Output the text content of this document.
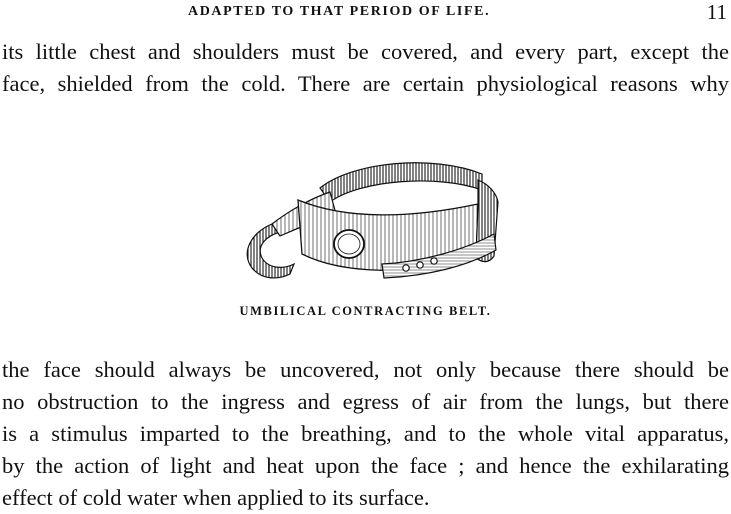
ADAPTED TO THAT PERIOD OF LIFE.	11
its little chest and shoulders must be covered, and every part, except the
face, shielded from the cold. There are certain physiological reasons why
UMBILICAL CONTRACTING BELT.
the face should always be uncovered, not only because there should be
no obstruction to the ingress and egress of air from the lungs, but there
is a stimulus imparted to the breathing, and to the whole vital apparatus,
by the action of light and heat upon the face ; and hence the exhilarating
effect of cold water when applied to its surface.
